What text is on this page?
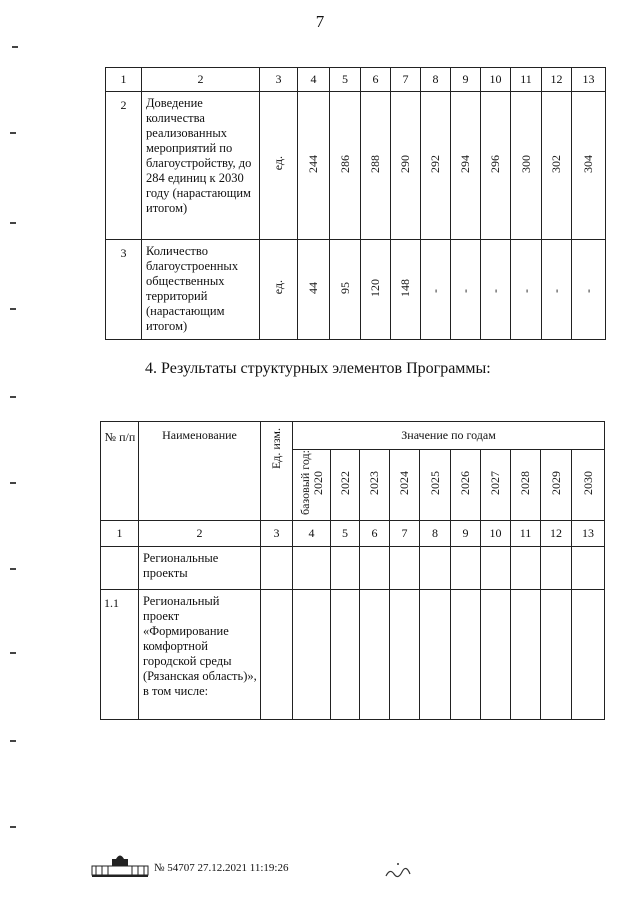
7
1	2	3	4	5	6	7	8	9	10	11	12	13
2	Доведение количества реализованных мероприятий по благоустройству, до 284 единиц к 2030 году (нарастающим итогом)	ед.	244	286	288	290	292	294	296	300	302	304
3	Количество благоустроенных общественных территорий (нарастающим итогом)	ед.	44	95	120	148	-	-	-	-	-	-
4. Результаты структурных элементов Программы:
№ п/п	Наименование	Ед. изм.	Значение по годам									
			базовый год: 2020	2022	2023	2024	2025	2026	2027	2028	2029	2030
1	2	3	4	5	6	7	8	9	10	11	12	13
	Региональные проекты											
1.1	Региональный проект «Формирование комфортной городской среды (Рязанская область)», в том числе:											
№ 54707 27.12.2021 11:19:26
